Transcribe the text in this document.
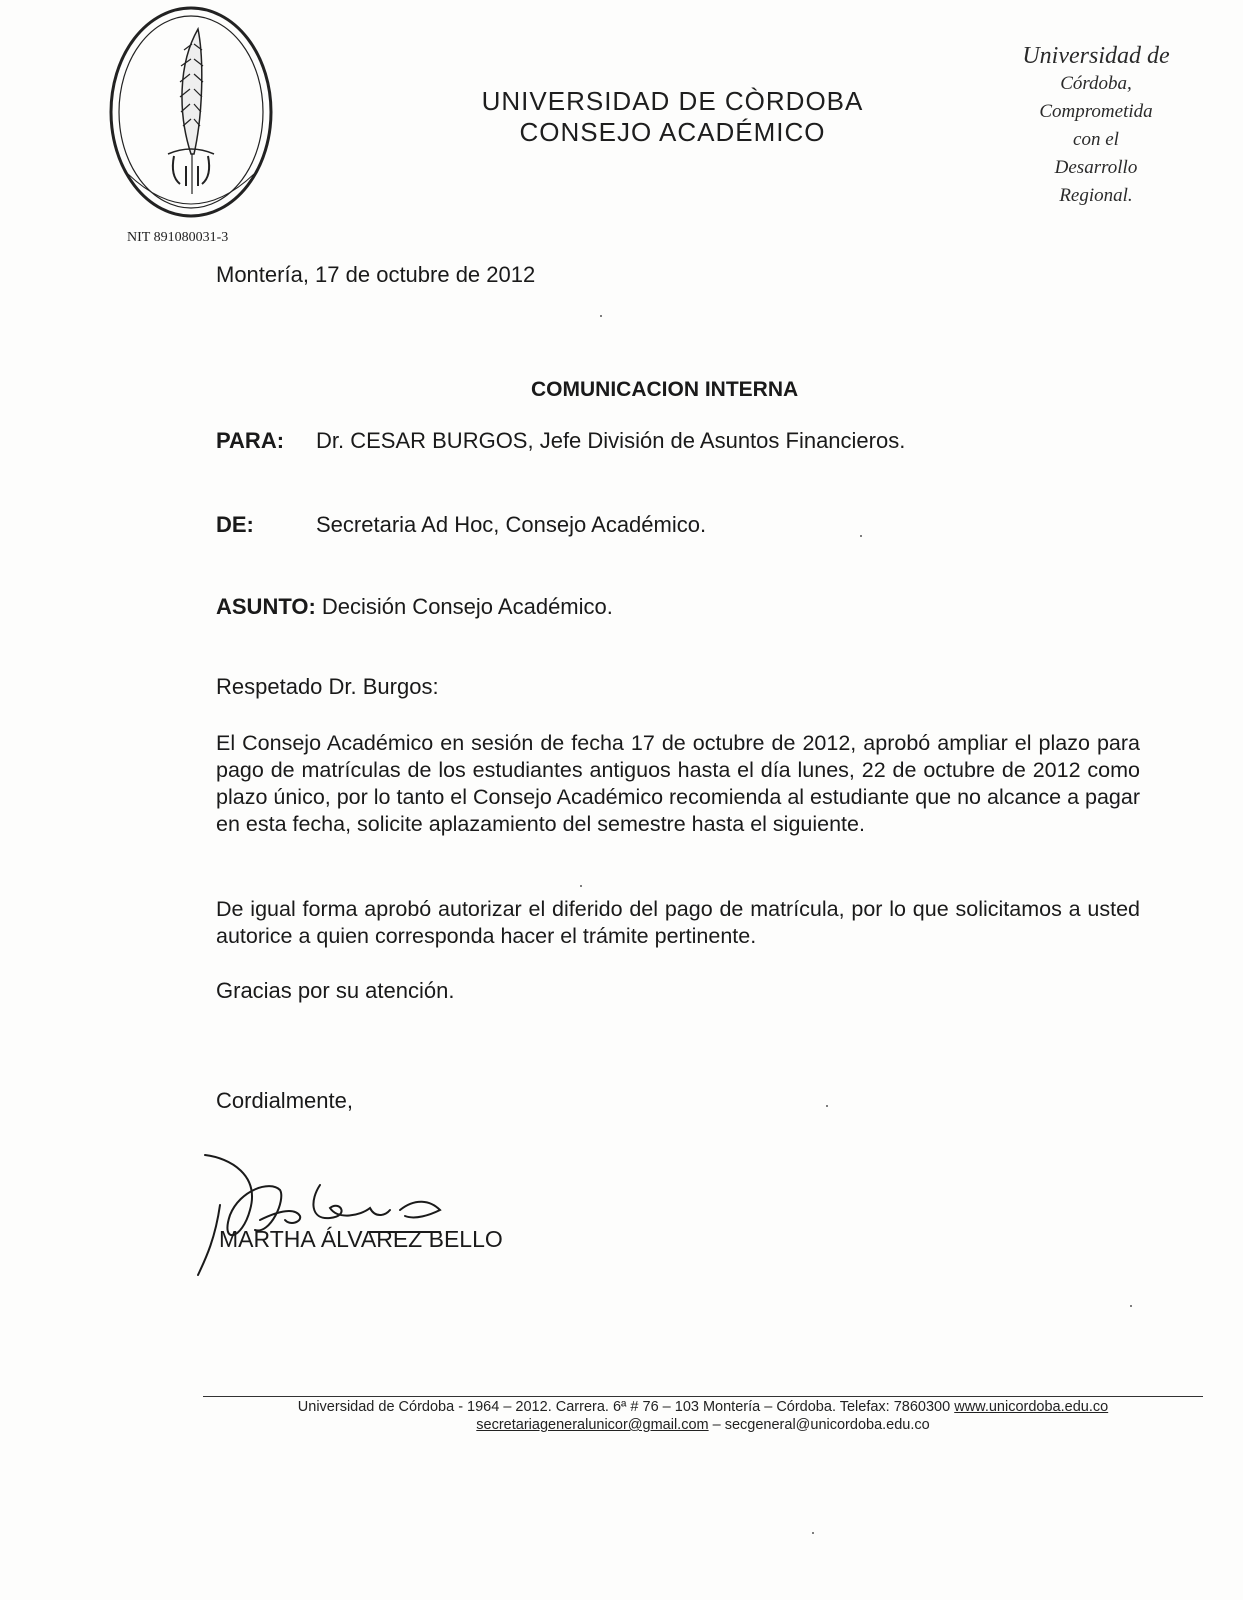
NIT 891080031-3
UNIVERSIDAD DE CÒRDOBA
CONSEJO ACADÉMICO
Universidad de
Córdoba,
Comprometida
con el
Desarrollo
Regional.
Montería, 17 de octubre de 2012
COMUNICACION INTERNA
PARA: Dr. CESAR BURGOS, Jefe División de Asuntos Financieros.
DE:	Secretaria Ad Hoc, Consejo Académico.
ASUNTO: Decisión Consejo Académico.
Respetado Dr. Burgos:
El Consejo Académico en sesión de fecha 17 de octubre de 2012, aprobó ampliar el plazo para pago de matrículas de los estudiantes antiguos hasta el día lunes, 22 de octubre de 2012 como plazo único, por lo tanto el Consejo Académico recomienda al estudiante que no alcance a pagar en esta fecha, solicite aplazamiento del semestre hasta el siguiente.
De igual forma aprobó autorizar el diferido del pago de matrícula, por lo que solicitamos a usted autorice a quien corresponda hacer el trámite pertinente.
Gracias por su atención.
Cordialmente,
MARTHA ÁLVAREZ BELLO
Universidad de Córdoba - 1964 – 2012. Carrera. 6ª # 76 – 103 Montería – Córdoba. Telefax: 7860300 www.unicordoba.edu.co
secretariageneralunicor@gmail.com – secgeneral@unicordoba.edu.co
